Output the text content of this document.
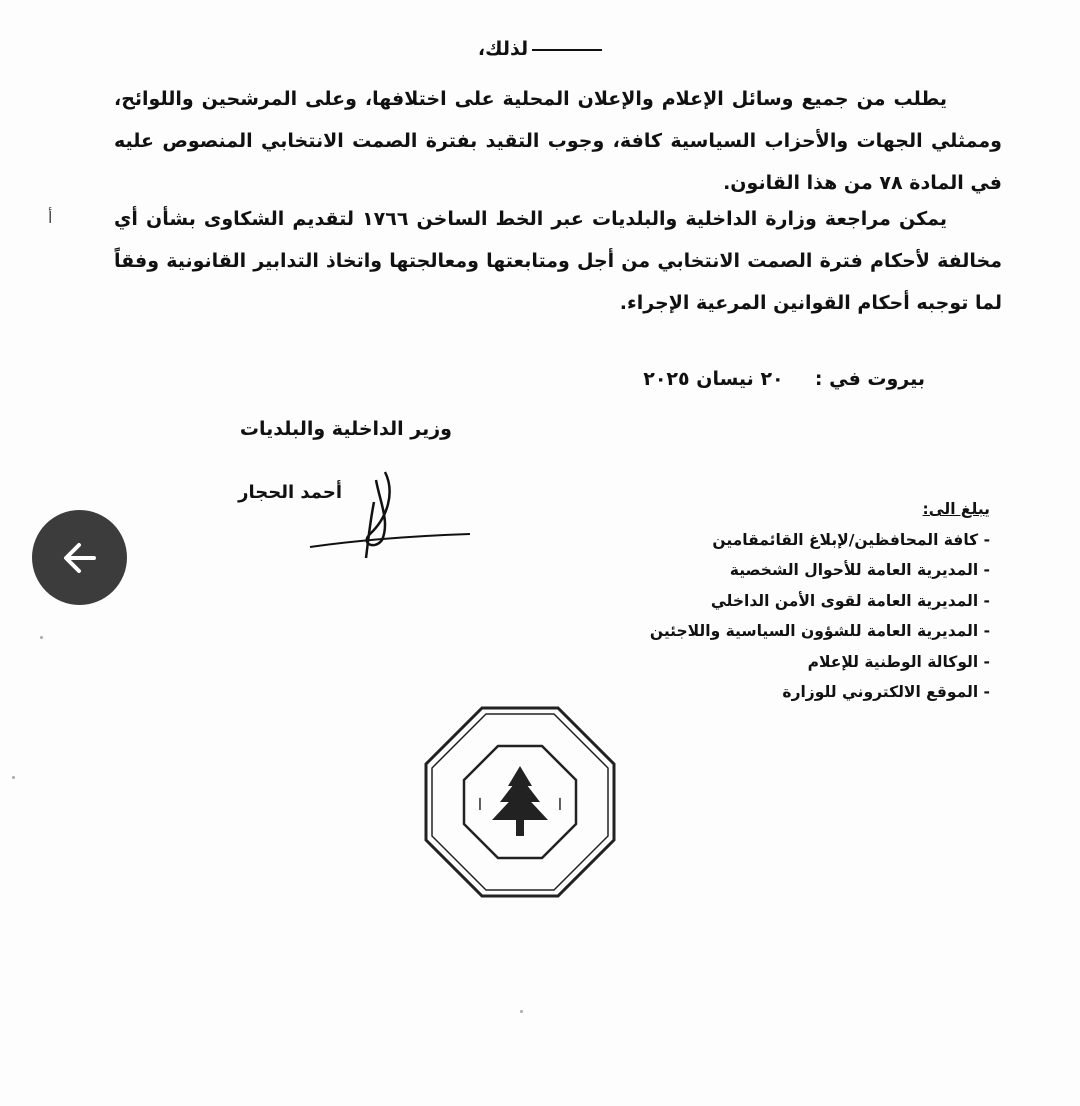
لذلك،
يطلب من جميع وسائل الإعلام والإعلان المحلية على اختلافها، وعلى المرشحين واللوائح، وممثلي الجهات والأحزاب السياسية كافة، وجوب التقيد بفترة الصمت الانتخابي المنصوص عليه في المادة ٧٨ من هذا القانون.
يمكن مراجعة وزارة الداخلية والبلديات عبر الخط الساخن ١٧٦٦ لتقديم الشكاوى بشأن أي مخالفة لأحكام فترة الصمت الانتخابي من أجل ومتابعتها ومعالجتها واتخاذ التدابير القانونية وفقاً لما توجبه أحكام القوانين المرعية الإجراء.
أ
بيروت في :  ٢٠ نيسان ٢٠٢٥
وزير الداخلية والبلديات
أحمد الحجار
يبلغ الى:
- كافة المحافظين/لإبلاغ القائمقامين
- المديرية العامة للأحوال الشخصية
- المديرية العامة لقوى الأمن الداخلي
- المديرية العامة للشؤون السياسية واللاجئين
- الوكالة الوطنية للإعلام
- الموقع الالكتروني للوزارة
ا	ا
